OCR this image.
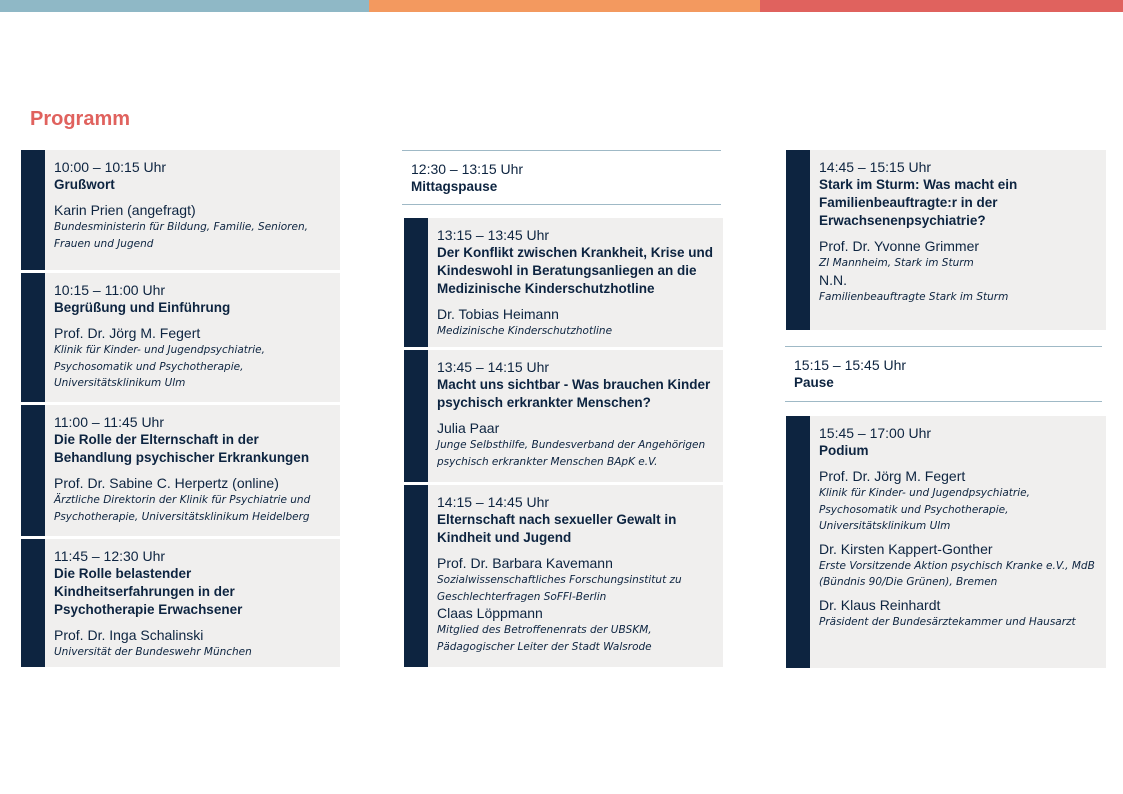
Programm
10:00 – 10:15 Uhr
Grußwort
Karin Prien (angefragt)
Bundesministerin für Bildung, Familie, Senioren, Frauen und Jugend
10:15 – 11:00 Uhr
Begrüßung und Einführung
Prof. Dr. Jörg M. Fegert
Klinik für Kinder- und Jugendpsychiatrie, Psychosomatik und Psychotherapie, Universitätsklinikum Ulm
11:00 – 11:45 Uhr
Die Rolle der Elternschaft in der Behandlung psychischer Erkrankungen
Prof. Dr. Sabine C. Herpertz (online)
Ärztliche Direktorin der Klinik für Psychiatrie und Psychotherapie, Universitätsklinikum Heidelberg
11:45 – 12:30 Uhr
Die Rolle belastender Kindheitserfahrungen in der Psychotherapie Erwachsener
Prof. Dr. Inga Schalinski
Universität der Bundeswehr München
12:30 – 13:15 Uhr
Mittagspause
13:15 – 13:45 Uhr
Der Konflikt zwischen Krankheit, Krise und Kindeswohl in Beratungsanliegen an die Medizinische Kinderschutzhotline
Dr. Tobias Heimann
Medizinische Kinderschutzhotline
13:45 – 14:15 Uhr
Macht uns sichtbar - Was brauchen Kinder psychisch erkrankter Menschen?
Julia Paar
Junge Selbsthilfe, Bundesverband der Angehörigen psychisch erkrankter Menschen BApK e.V.
14:15 – 14:45 Uhr
Elternschaft nach sexueller Gewalt in Kindheit und Jugend
Prof. Dr. Barbara Kavemann
Sozialwissenschaftliches Forschungsinstitut zu Geschlechterfragen SoFFI-Berlin
Claas Löppmann
Mitglied des Betroffenenrats der UBSKM, Pädagogischer Leiter der Stadt Walsrode
14:45 – 15:15 Uhr
Stark im Sturm: Was macht ein Familienbeauftragte:r in der Erwachsenenpsychiatrie?
Prof. Dr. Yvonne Grimmer
ZI Mannheim, Stark im Sturm
N.N.
Familienbeauftragte Stark im Sturm
15:15 – 15:45 Uhr
Pause
15:45 – 17:00 Uhr
Podium
Prof. Dr. Jörg M. Fegert
Klinik für Kinder- und Jugendpsychiatrie, Psychosomatik und Psychotherapie, Universitätsklinikum Ulm
Dr. Kirsten Kappert-Gonther
Erste Vorsitzende Aktion psychisch Kranke e.V., MdB (Bündnis 90/Die Grünen), Bremen
Dr. Klaus Reinhardt
Präsident der Bundesärztekammer und Hausarzt
